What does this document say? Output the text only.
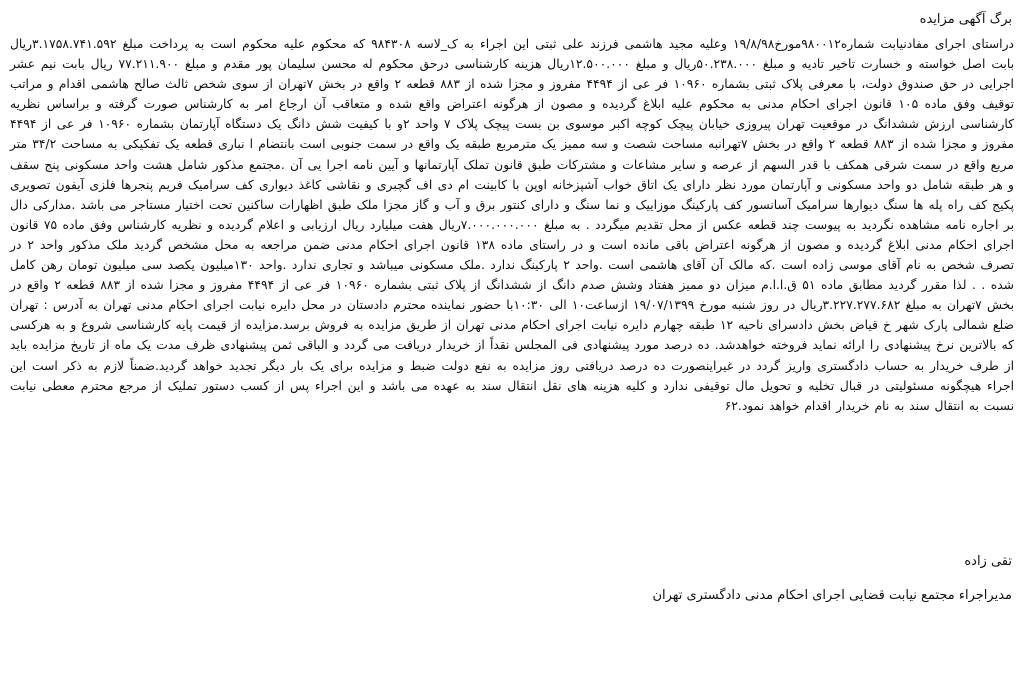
برگ آگهی مزایده

دراستای اجرای مفادنیابت شماره۹۸۰۰۱۲مورخ۱۹/۸/۹۸ وعلیه مجید هاشمی فرزند علی ثبتی این اجراء به ک_لاسه ۹۸۴۳۰۸ که محکوم علیه محکوم است به پرداخت مبلغ ۳.۱۷۵۸.۷۴۱.۵۹۲ریال بابت اصل خواسته و خسارت تاخیر تادیه و مبلغ ۵۰.۲۳۸.۰۰۰ریال و مبلغ ۱۲.۵۰۰.۰۰۰ریال هزینه کارشناسی درحق محکوم له محسن سلیمان پور مقدم و مبلغ ۷۷.۲۱۱.۹۰۰ ریال بابت نیم عشر اجرایی در حق صندوق دولت، با معرفی پلاک ثبتی بشماره ۱۰۹۶۰ فر عی از ۴۴۹۴ مفروز و مجزا شده از ۸۸۳ قطعه ۲ واقع در بخش ۷تهران از سوی شخص ثالث صالح هاشمی اقدام و مراتب توقیف وفق ماده ۱۰۵ قانون اجرای احکام مدنی به محکوم علیه ابلاغ گردیده و مصون از هرگونه اعتراض واقع شده و متعاقب آن ارجاع امر به کارشناس صورت گرفته و براساس نظریه کارشناسی ارزش ششدانگ در موقعیت تهران پیروزی خیابان پیچک کوچه اکبر موسوی بن بست پیچک پلاک ۷ واحد ۲و با کیفیت شش دانگ یک دستگاه آپارتمان بشماره ۱۰۹۶۰ فر عی از ۴۴۹۴ مفروز و مجزا شده از ۸۸۳ قطعه ۲ واقع در بخش ۷تهرانبه مساحت شصت و سه ممیز یک مترمربع طبقه یک واقع در سمت جنوبی است بانتضام ا نباری قطعه یک تفکیکی به مساحت ۳۴/۲ متر مربع واقع در سمت شرقی همکف با قدر السهم از عرصه و سایر مشاعات و مشترکات طبق قانون تملک آپارتمانها و آیین نامه اجرا یی آن .مجتمع مذکور شامل هشت واحد مسکونی پنج سقف و هر طبقه شامل دو واحد مسکونی و آپارتمان مورد نظر دارای یک اتاق خواب آشپزخانه اوپن با کابینت ام دی اف گچبری و نقاشی کاغذ دیواری کف سرامیک فریم پنجرها فلزی آیفون تصویری پکیج کف راه پله ها سنگ دیوارها سرامیک آسانسور کف پارکینگ موزاییک و نما سنگ و دارای کنتور برق و آب و گاز مجزا ملک طبق اظهارات ساکنین تحت اختیار مستاجر می باشد .مدارکی دال بر اجاره نامه مشاهده نگردید به پیوست چند قطعه عکس از محل تقدیم میگردد . به مبلغ ۷.۰۰۰.۰۰۰.۰۰۰ریال هفت میلیارد ریال ارزیابی و اعلام گردیده و نظریه کارشناس وفق ماده ۷۵ قانون اجرای احکام مدنی ابلاغ گردیده و مصون از هرگونه اعتراض باقی مانده است و در راستای ماده ۱۳۸ قانون اجرای احکام مدنی ضمن مراجعه به محل مشخص گردید ملک مذکور واحد ۲ در تصرف شخص به نام آقای موسی زاده است .که مالک آن آقای هاشمی است .واحد ۲ پارکینگ ندارد .ملک مسکونی میباشد و تجاری ندارد .واحد ۱۳۰میلیون یکصد سی میلیون تومان رهن کامل شده . . لذا مقرر گردید مطابق ماده ۵۱ ق.ا.ا.م میزان دو ممیز هفتاد وشش صدم دانگ از ششدانگ از پلاک ثبتی بشماره ۱۰۹۶۰ فر عی از ۴۴۹۴ مفروز و مجزا شده از ۸۸۳ قطعه ۲ واقع در بخش ۷تهران به مبلغ ۳.۲۲۷.۲۷۷.۶۸۲ریال در روز شنبه مورخ ۱۹/۰۷/۱۳۹۹ ازساعت۱۰ الی ۱۰:۳۰با حضور نماینده محترم دادستان در محل دایره نیابت اجرای احکام مدنی تهران به آدرس : تهران ضلع شمالی پارک شهر خ قیاض بخش دادسرای ناحیه ۱۲ طبقه چهارم دایره نیابت اجرای احکام مدنی تهران از طریق مزایده به فروش برسد.مزایده از قیمت پایه کارشناسی شروع و به هرکسی که بالاترین نرخ پیشنهادی را ارائه نماید فروخته خواهدشد. ده درصد مورد پیشنهادی فی المجلس نقداً از خریدار دریافت می گردد و الباقی ثمن پیشنهادی ظرف مدت یک ماه از تاریخ مزایده باید از طرف خریدار به حساب دادگستری واریز گردد در غیراینصورت ده درصد دریافتی روز مزایده به نفع دولت ضبط و مزایده برای یک بار دیگر تجدید خواهد گردید.ضمناً لازم به ذکر است این اجراء هیچگونه مسئولیتی در قبال تخلیه و تحویل مال توقیفی ندارد و کلیه هزینه های نقل انتقال سند به عهده می باشد و این اجراء پس از کسب دستور تملیک از مرجع محترم معطی نیابت نسبت به انتقال سند به نام خریدار اقدام خواهد نمود.۶۲

تقی زاده
مدیراجراء مجتمع نیابت قضایی اجرای احکام مدنی دادگستری تهران
